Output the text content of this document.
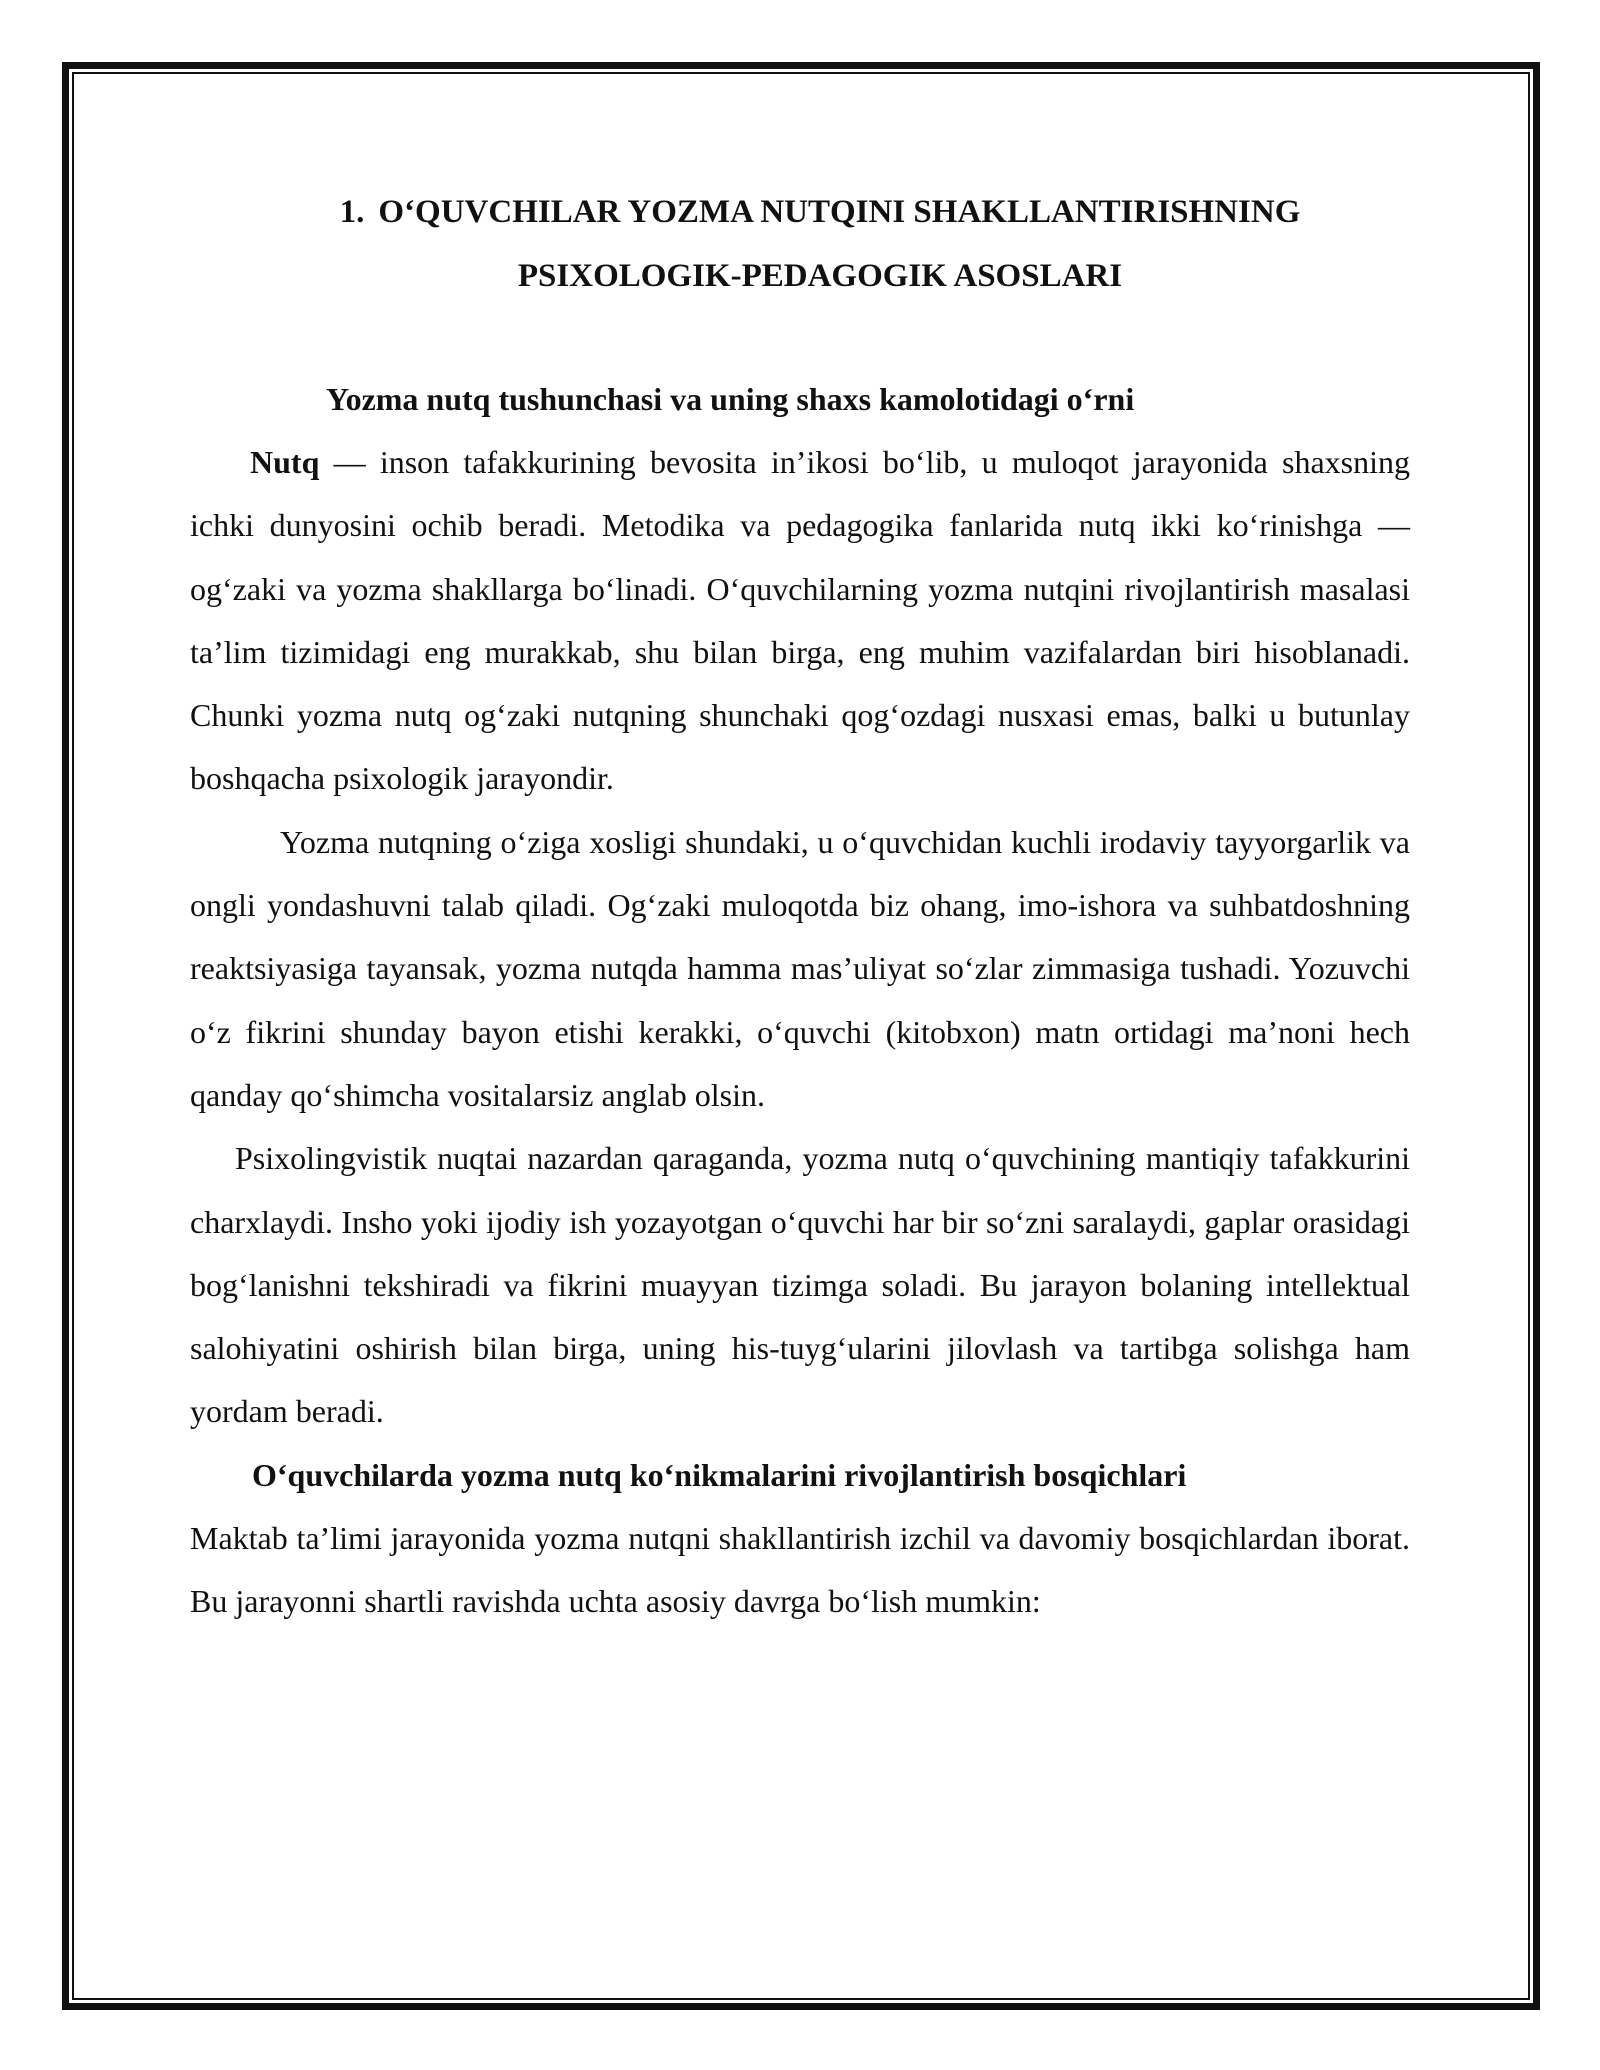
1. O‘QUVCHILAR YOZMA NUTQINI SHAKLLANTIRISHNING
PSIXOLOGIK-PEDAGOGIK ASOSLARI
Yozma nutq tushunchasi va uning shaxs kamolotidagi o‘rni

Nutq — inson tafakkurining bevosita in’ikosi bo‘lib, u muloqot jarayonida shaxsning ichki dunyosini ochib beradi. Metodika va pedagogika fanlarida nutq ikki ko‘rinishga — og‘zaki va yozma shakllarga bo‘linadi. O‘quvchilarning yozma nutqini rivojlantirish masalasi ta’lim tizimidagi eng murakkab, shu bilan birga, eng muhim vazifalardan biri hisoblanadi. Chunki yozma nutq og‘zaki nutqning shunchaki qog‘ozdagi nusxasi emas, balki u butunlay boshqacha psixologik jarayondir.

Yozma nutqning o‘ziga xosligi shundaki, u o‘quvchidan kuchli irodaviy tayyorgarlik va ongli yondashuvni talab qiladi. Og‘zaki muloqotda biz ohang, imo-ishora va suhbatdoshning reaktsiyasiga tayansak, yozma nutqda hamma mas’uliyat so‘zlar zimmasiga tushadi. Yozuvchi o‘z fikrini shunday bayon etishi kerakki, o‘quvchi (kitobxon) matn ortidagi ma’noni hech qanday qo‘shimcha vositalarsiz anglab olsin.

Psixolingvistik nuqtai nazardan qaraganda, yozma nutq o‘quvchining mantiqiy tafakkurini charxlaydi. Insho yoki ijodiy ish yozayotgan o‘quvchi har bir so‘zni saralaydi, gaplar orasidagi bog‘lanishni tekshiradi va fikrini muayyan tizimga soladi. Bu jarayon bolaning intellektual salohiyatini oshirish bilan birga, uning his-tuyg‘ularini jilovlash va tartibga solishga ham yordam beradi.

O‘quvchilarda yozma nutq ko‘nikmalarini rivojlantirish bosqichlari

Maktab ta’limi jarayonida yozma nutqni shakllantirish izchil va davomiy bosqichlardan iborat. Bu jarayonni shartli ravishda uchta asosiy davrga bo‘lish mumkin:
